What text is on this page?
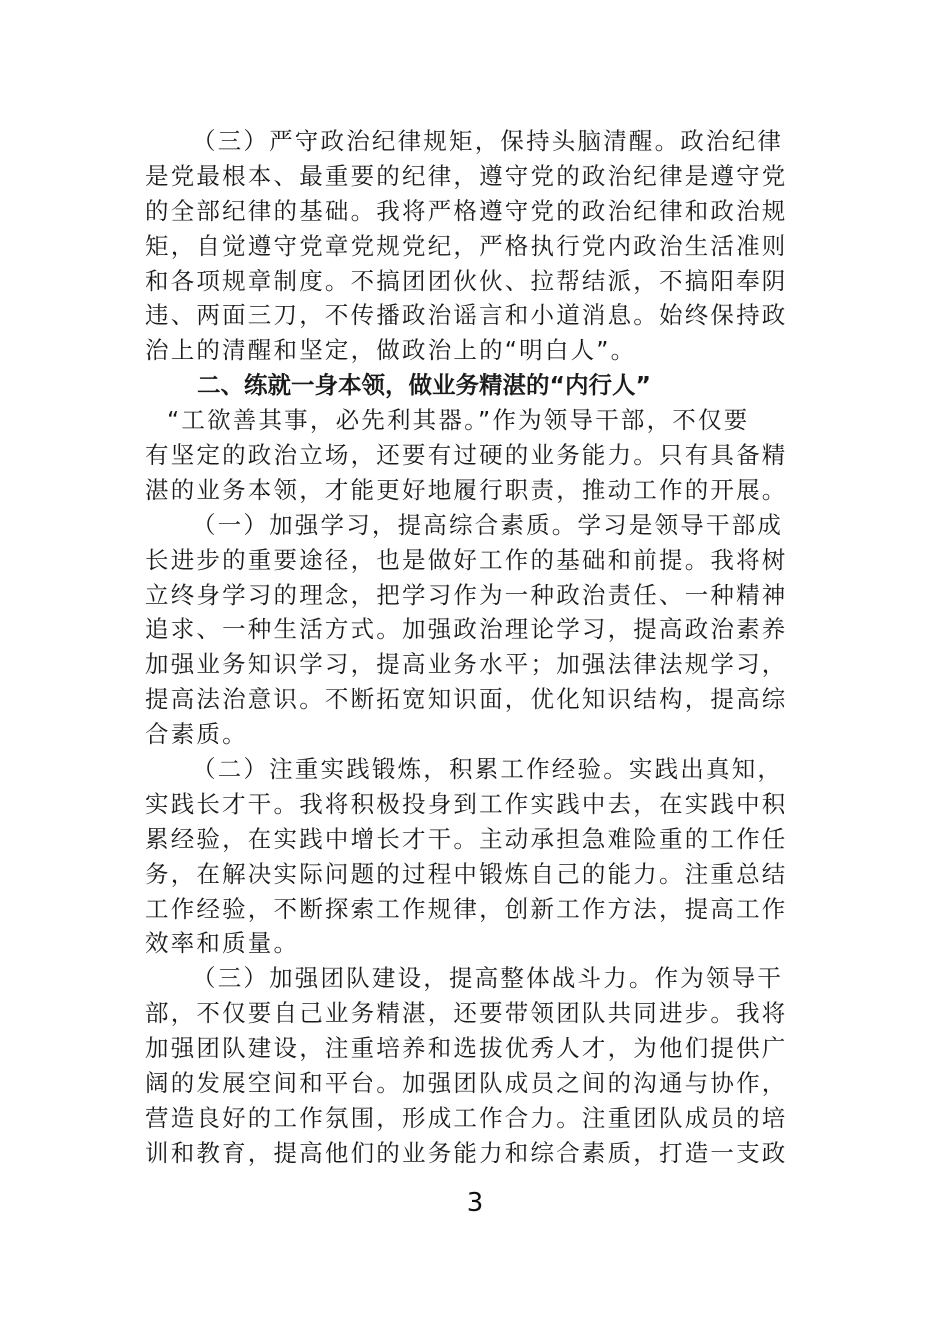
（三）严守政治纪律规矩，保持头脑清醒。政治纪律
是党最根本、最重要的纪律，遵守党的政治纪律是遵守党
的全部纪律的基础。我将严格遵守党的政治纪律和政治规
矩，自觉遵守党章党规党纪，严格执行党内政治生活准则
和各项规章制度。不搞团团伙伙、拉帮结派，不搞阳奉阴
违、两面三刀，不传播政治谣言和小道消息。始终保持政
治上的清醒和坚定，做政治上的“明白人”。
二、练就一身本领，做业务精湛的“内行人”
“工欲善其事，必先利其器。”作为领导干部，不仅要
有坚定的政治立场，还要有过硬的业务能力。只有具备精
湛的业务本领，才能更好地履行职责，推动工作的开展。
（一）加强学习，提高综合素质。学习是领导干部成
长进步的重要途径，也是做好工作的基础和前提。我将树
立终身学习的理念，把学习作为一种政治责任、一种精神
追求、一种生活方式。加强政治理论学习，提高政治素养
加强业务知识学习，提高业务水平；加强法律法规学习，
提高法治意识。不断拓宽知识面，优化知识结构，提高综
合素质。
（二）注重实践锻炼，积累工作经验。实践出真知，
实践长才干。我将积极投身到工作实践中去，在实践中积
累经验，在实践中增长才干。主动承担急难险重的工作任
务，在解决实际问题的过程中锻炼自己的能力。注重总结
工作经验，不断探索工作规律，创新工作方法，提高工作
效率和质量。
（三）加强团队建设，提高整体战斗力。作为领导干
部，不仅要自己业务精湛，还要带领团队共同进步。我将
加强团队建设，注重培养和选拔优秀人才，为他们提供广
阔的发展空间和平台。加强团队成员之间的沟通与协作，
营造良好的工作氛围，形成工作合力。注重团队成员的培
训和教育，提高他们的业务能力和综合素质，打造一支政
3
